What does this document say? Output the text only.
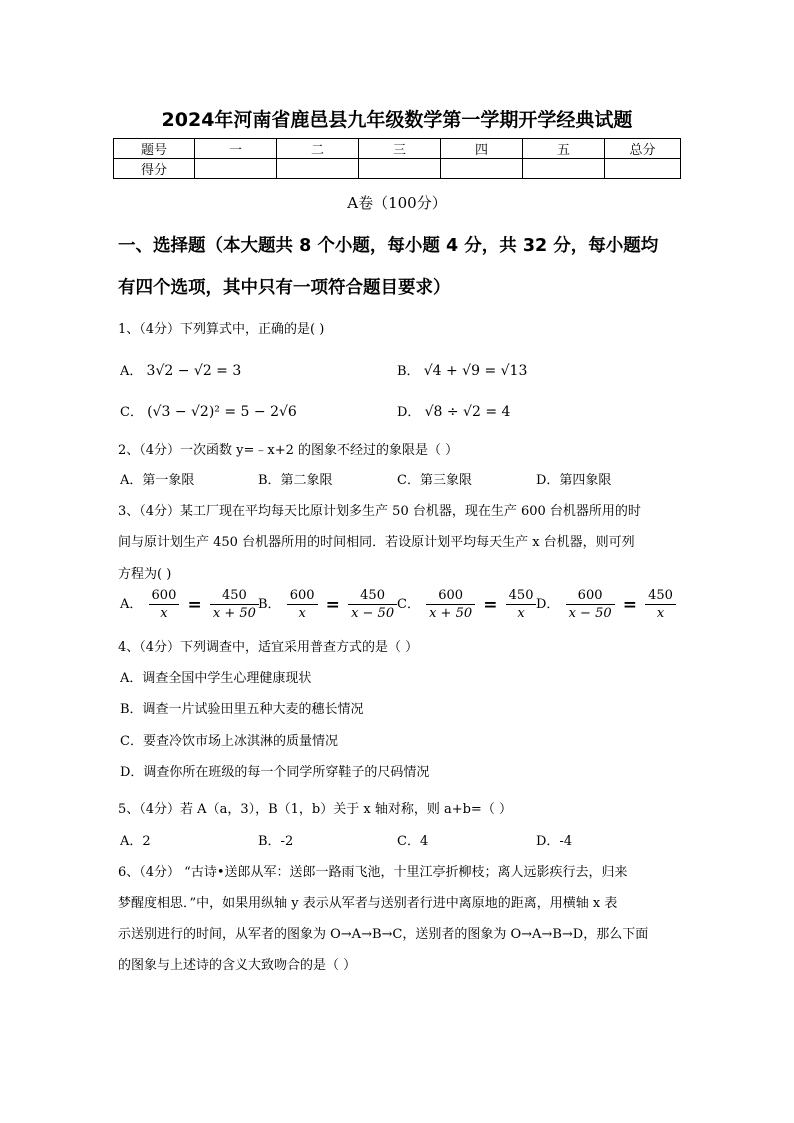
2024年河南省鹿邑县九年级数学第一学期开学经典试题
题号	一	二	三	四	五	总分
得分						
A卷（100分）
一、选择题（本大题共 8 个小题，每小题 4 分，共 32 分，每小题均
有四个选项，其中只有一项符合题目要求）
1、（4分）下列算式中，正确的是( )
A． 3√2 − √2 = 3	B． √4 + √9 = √13
C． (√3 − √2)² = 5 − 2√6	D． √8 ÷ √2 = 4
2、（4分）一次函数 y=﹣x+2 的图象不经过的象限是（ ）
A．第一象限	B．第二象限	C．第三象限	D．第四象限
3、（4分）某工厂现在平均每天比原计划多生产 50 台机器，现在生产 600 台机器所用的时
间与原计划生产 450 台机器所用的时间相同．若设原计划平均每天生产 x 台机器，则可列
方程为( )
A． $\frac{600}{x} = \frac{450}{x + 50}$ B． $\frac{600}{x} = \frac{450}{x - 50}$ C． $\frac{600}{x + 50} = \frac{450}{x}$ D． $\frac{600}{x - 50} = \frac{450}{x}$
4、（4分）下列调查中，适宜采用普查方式的是（ ）
A．调查全国中学生心理健康现状
B．调查一片试验田里五种大麦的穗长情况
C．要查冷饮市场上冰淇淋的质量情况
D．调查你所在班级的每一个同学所穿鞋子的尺码情况
5、（4分）若 A（a，3），B（1，b）关于 x 轴对称，则 a+b=（ ）
A．2	B．-2	C．4	D．-4
6、（4分） “古诗•送郎从军：送郎一路雨飞池，十里江亭折柳枝；离人远影疾行去，归来
梦醒度相思．”中，如果用纵轴 y 表示从军者与送别者行进中离原地的距离，用横轴 x 表
示送别进行的时间，从军者的图象为 O→A→B→C，送别者的图象为 O→A→B→D，那么下面
的图象与上述诗的含义大致吻合的是（ ）
